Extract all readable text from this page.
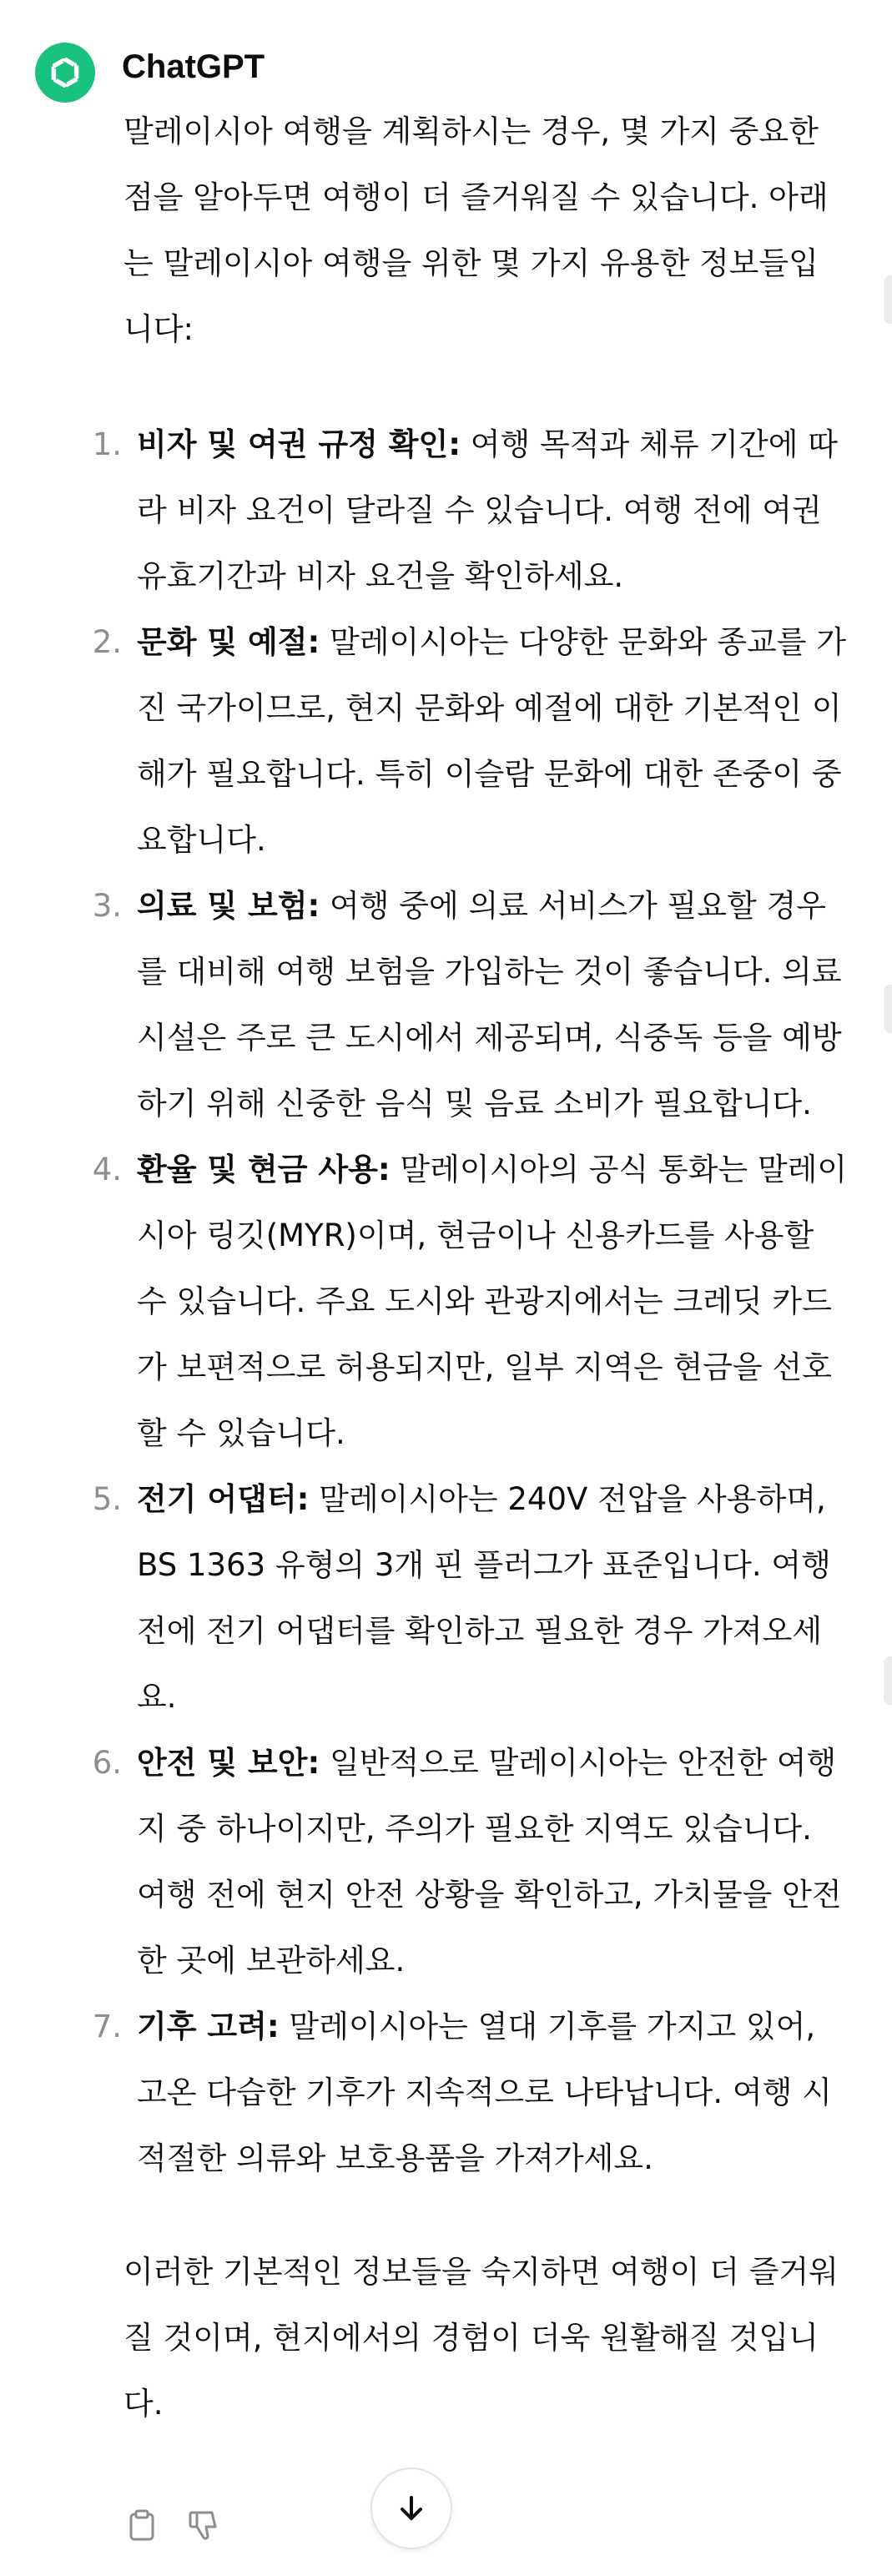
ChatGPT

말레이시아 여행을 계획하시는 경우, 몇 가지 중요한 점을 알아두면 여행이 더 즐거워질 수 있습니다. 아래는 말레이시아 여행을 위한 몇 가지 유용한 정보들입니다:

1. 비자 및 여권 규정 확인: 여행 목적과 체류 기간에 따라 비자 요건이 달라질 수 있습니다. 여행 전에 여권 유효기간과 비자 요건을 확인하세요.
2. 문화 및 예절: 말레이시아는 다양한 문화와 종교를 가진 국가이므로, 현지 문화와 예절에 대한 기본적인 이해가 필요합니다. 특히 이슬람 문화에 대한 존중이 중요합니다.
3. 의료 및 보험: 여행 중에 의료 서비스가 필요할 경우를 대비해 여행 보험을 가입하는 것이 좋습니다. 의료 시설은 주로 큰 도시에서 제공되며, 식중독 등을 예방하기 위해 신중한 음식 및 음료 소비가 필요합니다.
4. 환율 및 현금 사용: 말레이시아의 공식 통화는 말레이시아 링깃(MYR)이며, 현금이나 신용카드를 사용할 수 있습니다. 주요 도시와 관광지에서는 크레딧 카드가 보편적으로 허용되지만, 일부 지역은 현금을 선호할 수 있습니다.
5. 전기 어댑터: 말레이시아는 240V 전압을 사용하며, BS 1363 유형의 3개 핀 플러그가 표준입니다. 여행 전에 전기 어댑터를 확인하고 필요한 경우 가져오세요.
6. 안전 및 보안: 일반적으로 말레이시아는 안전한 여행지 중 하나이지만, 주의가 필요한 지역도 있습니다. 여행 전에 현지 안전 상황을 확인하고, 가치물을 안전한 곳에 보관하세요.
7. 기후 고려: 말레이시아는 열대 기후를 가지고 있어, 고온 다습한 기후가 지속적으로 나타납니다. 여행 시 적절한 의류와 보호용품을 가져가세요.

이러한 기본적인 정보들을 숙지하면 여행이 더 즐거워질 것이며, 현지에서의 경험이 더욱 원활해질 것입니다.
